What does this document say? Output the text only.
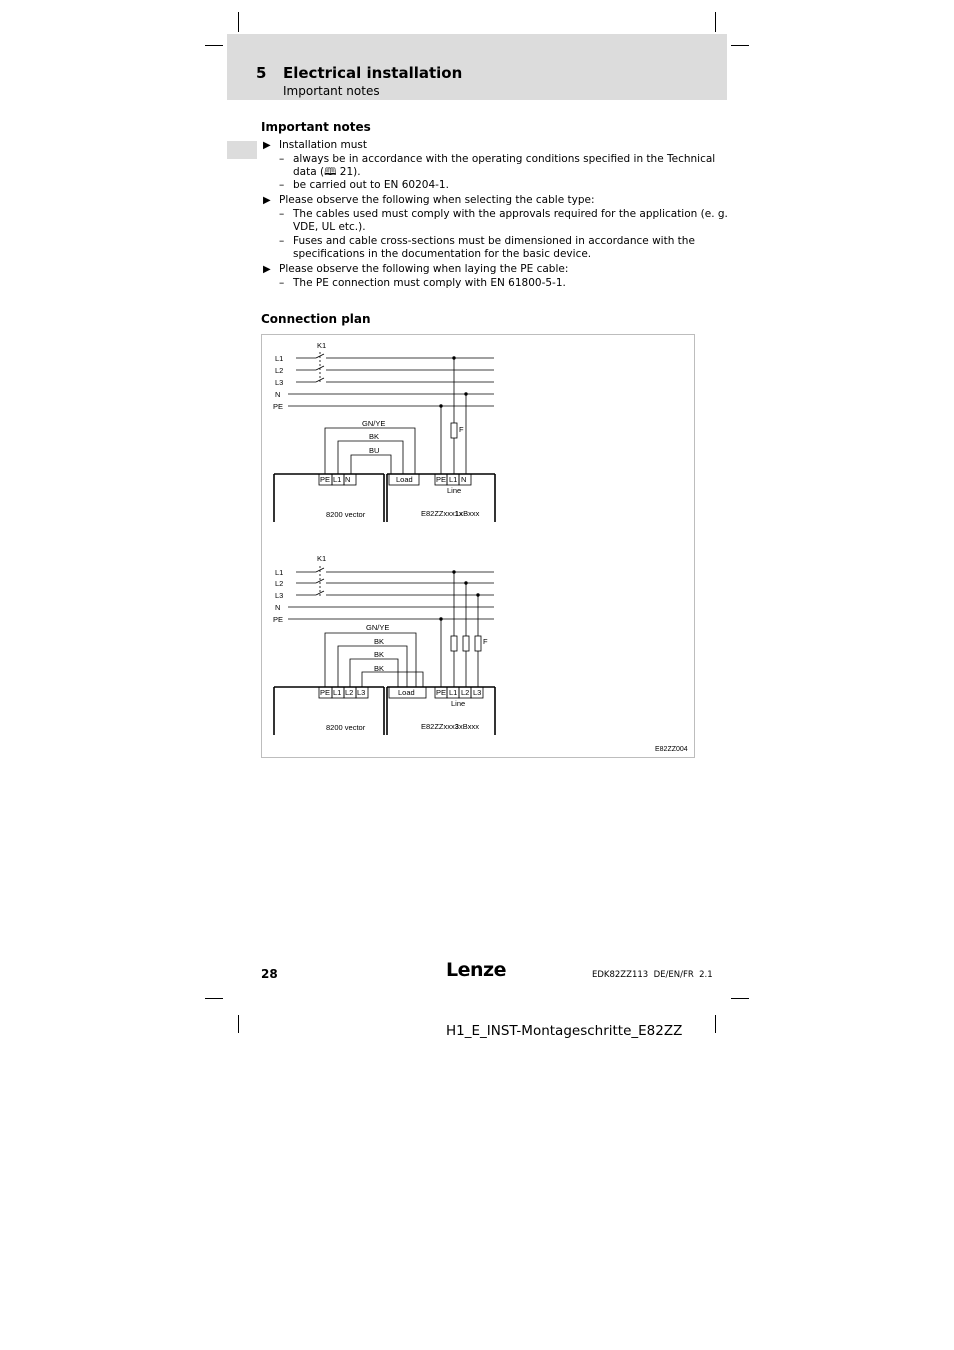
5 Electrical installation
Important notes
Important notes
▶ Installation must
– always be in accordance with the operating conditions specified in the Technical
data (🕮 21).
– be carried out to EN 60204-1.
▶ Please observe the following when selecting the cable type:
– The cables used must comply with the approvals required for the application (e. g.
VDE, UL etc.).
– Fuses and cable cross-sections must be dimensioned in accordance with the
specifications in the documentation for the basic device.
▶ Please observe the following when laying the PE cable:
– The PE connection must comply with EN 61800-5-1.
Connection plan
K1
L1
L2
L3
N
PE
F
GN/YE
BK
BU
PE L1 N
8200 vector
Load	PE L1 N
Line
E82ZZxxx1xBxxx
K1
L1
L2
L3
N
PE
F
GN/YE
BK
BK
BK
PE L1 L2 L3
8200 vector
Load	PE L1 L2 L3
Line
E82ZZxxx3xBxxx
E82ZZ004
28	Lenze	EDK82ZZ113  DE/EN/FR  2.1
H1_E_INST-Montageschritte_E82ZZ
